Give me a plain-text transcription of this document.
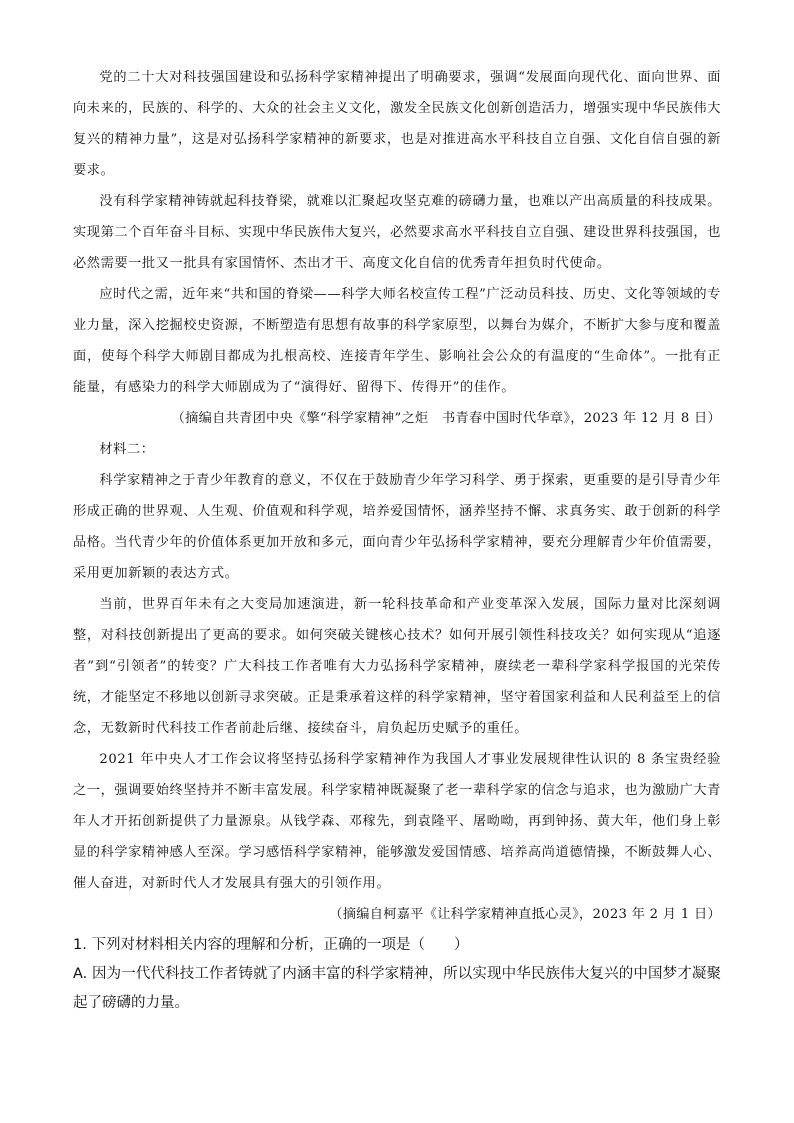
党的二十大对科技强国建设和弘扬科学家精神提出了明确要求，强调“发展面向现代化、面向世界、面向未来的，民族的、科学的、大众的社会主义文化，激发全民族文化创新创造活力，增强实现中华民族伟大复兴的精神力量”，这是对弘扬科学家精神的新要求，也是对推进高水平科技自立自强、文化自信自强的新要求。

没有科学家精神铸就起科技脊梁，就难以汇聚起攻坚克难的磅礴力量，也难以产出高质量的科技成果。实现第二个百年奋斗目标、实现中华民族伟大复兴，必然要求高水平科技自立自强、建设世界科技强国，也必然需要一批又一批具有家国情怀、杰出才干、高度文化自信的优秀青年担负时代使命。

应时代之需，近年来“共和国的脊梁——科学大师名校宣传工程”广泛动员科技、历史、文化等领域的专业力量，深入挖掘校史资源，不断塑造有思想有故事的科学家原型，以舞台为媒介，不断扩大参与度和覆盖面，使每个科学大师剧目都成为扎根高校、连接青年学生、影响社会公众的有温度的“生命体”。一批有正能量，有感染力的科学大师剧成为了“演得好、留得下、传得开”的佳作。

（摘编自共青团中央《擎“科学家精神”之炬　书青春中国时代华章》，2023 年 12 月 8 日）

材料二：

科学家精神之于青少年教育的意义，不仅在于鼓励青少年学习科学、勇于探索，更重要的是引导青少年形成正确的世界观、人生观、价值观和科学观，培养爱国情怀，涵养坚持不懈、求真务实、敢于创新的科学品格。当代青少年的价值体系更加开放和多元，面向青少年弘扬科学家精神，要充分理解青少年价值需要，采用更加新颖的表达方式。

当前，世界百年未有之大变局加速演进，新一轮科技革命和产业变革深入发展，国际力量对比深刻调整，对科技创新提出了更高的要求。如何突破关键核心技术？如何开展引领性科技攻关？如何实现从“追逐者”到“引领者”的转变？广大科技工作者唯有大力弘扬科学家精神，赓续老一辈科学家科学报国的光荣传统，才能坚定不移地以创新寻求突破。正是秉承着这样的科学家精神，坚守着国家利益和人民利益至上的信念，无数新时代科技工作者前赴后继、接续奋斗，肩负起历史赋予的重任。

2021 年中央人才工作会议将坚持弘扬科学家精神作为我国人才事业发展规律性认识的 8 条宝贵经验之一，强调要始终坚持并不断丰富发展。科学家精神既凝聚了老一辈科学家的信念与追求，也为激励广大青年人才开拓创新提供了力量源泉。从钱学森、邓稼先，到袁隆平、屠呦呦，再到钟扬、黄大年，他们身上彰显的科学家精神感人至深。学习感悟科学家精神，能够激发爱国情感、培养高尚道德情操，不断鼓舞人心、催人奋进，对新时代人才发展具有强大的引领作用。

（摘编自柯嘉平《让科学家精神直抵心灵》，2023 年 2 月 1 日）

1. 下列对材料相关内容的理解和分析，正确的一项是（　　）

A. 因为一代代科技工作者铸就了内涵丰富的科学家精神，所以实现中华民族伟大复兴的中国梦才凝聚起了磅礴的力量。
